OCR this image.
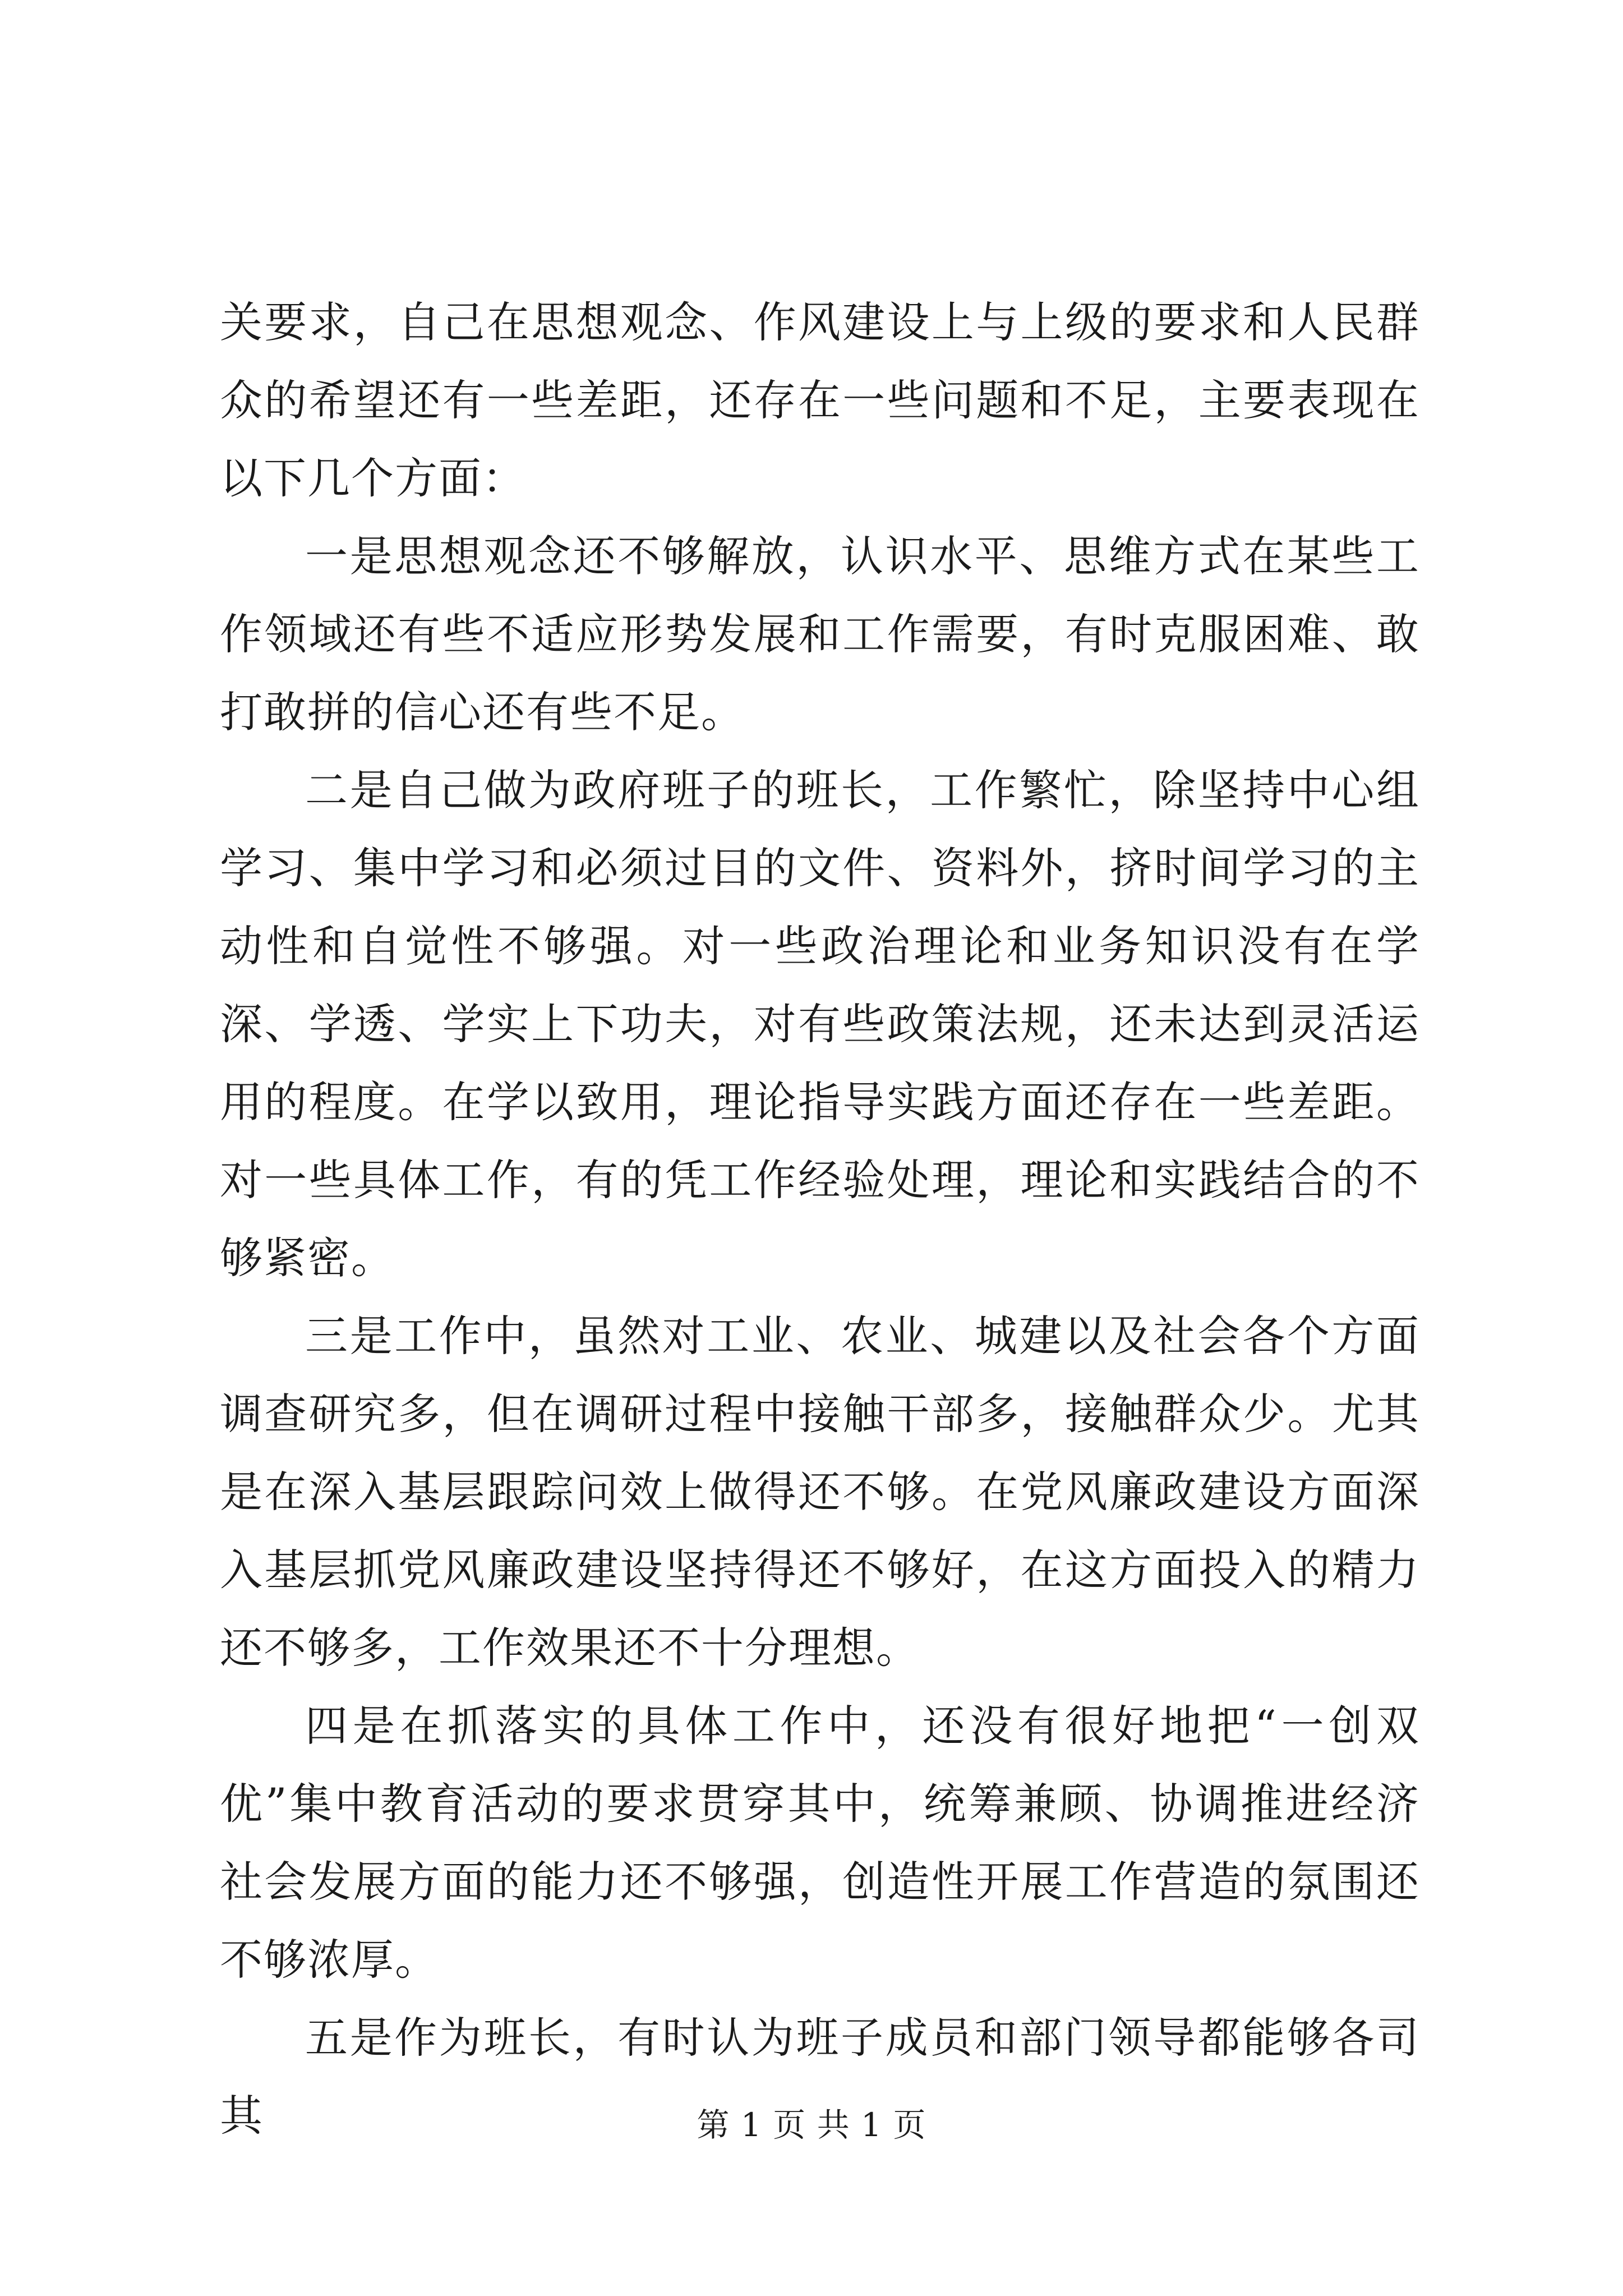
关要求，自己在思想观念、作风建设上与上级的要求和人民群众的希望还有一些差距，还存在一些问题和不足，主要表现在以下几个方面：

一是思想观念还不够解放，认识水平、思维方式在某些工作领域还有些不适应形势发展和工作需要，有时克服困难、敢打敢拼的信心还有些不足。

二是自己做为政府班子的班长，工作繁忙，除坚持中心组学习、集中学习和必须过目的文件、资料外，挤时间学习的主动性和自觉性不够强。对一些政治理论和业务知识没有在学深、学透、学实上下功夫，对有些政策法规，还未达到灵活运用的程度。在学以致用，理论指导实践方面还存在一些差距。对一些具体工作，有的凭工作经验处理，理论和实践结合的不够紧密。

三是工作中，虽然对工业、农业、城建以及社会各个方面调查研究多，但在调研过程中接触干部多，接触群众少。尤其是在深入基层跟踪问效上做得还不够。在党风廉政建设方面深入基层抓党风廉政建设坚持得还不够好，在这方面投入的精力还不够多，工作效果还不十分理想。

四是在抓落实的具体工作中，还没有很好地把“一创双优”集中教育活动的要求贯穿其中，统筹兼顾、协调推进经济社会发展方面的能力还不够强，创造性开展工作营造的氛围还不够浓厚。

五是作为班长，有时认为班子成员和部门领导都能够各司其	第 1 页 共 1 页
